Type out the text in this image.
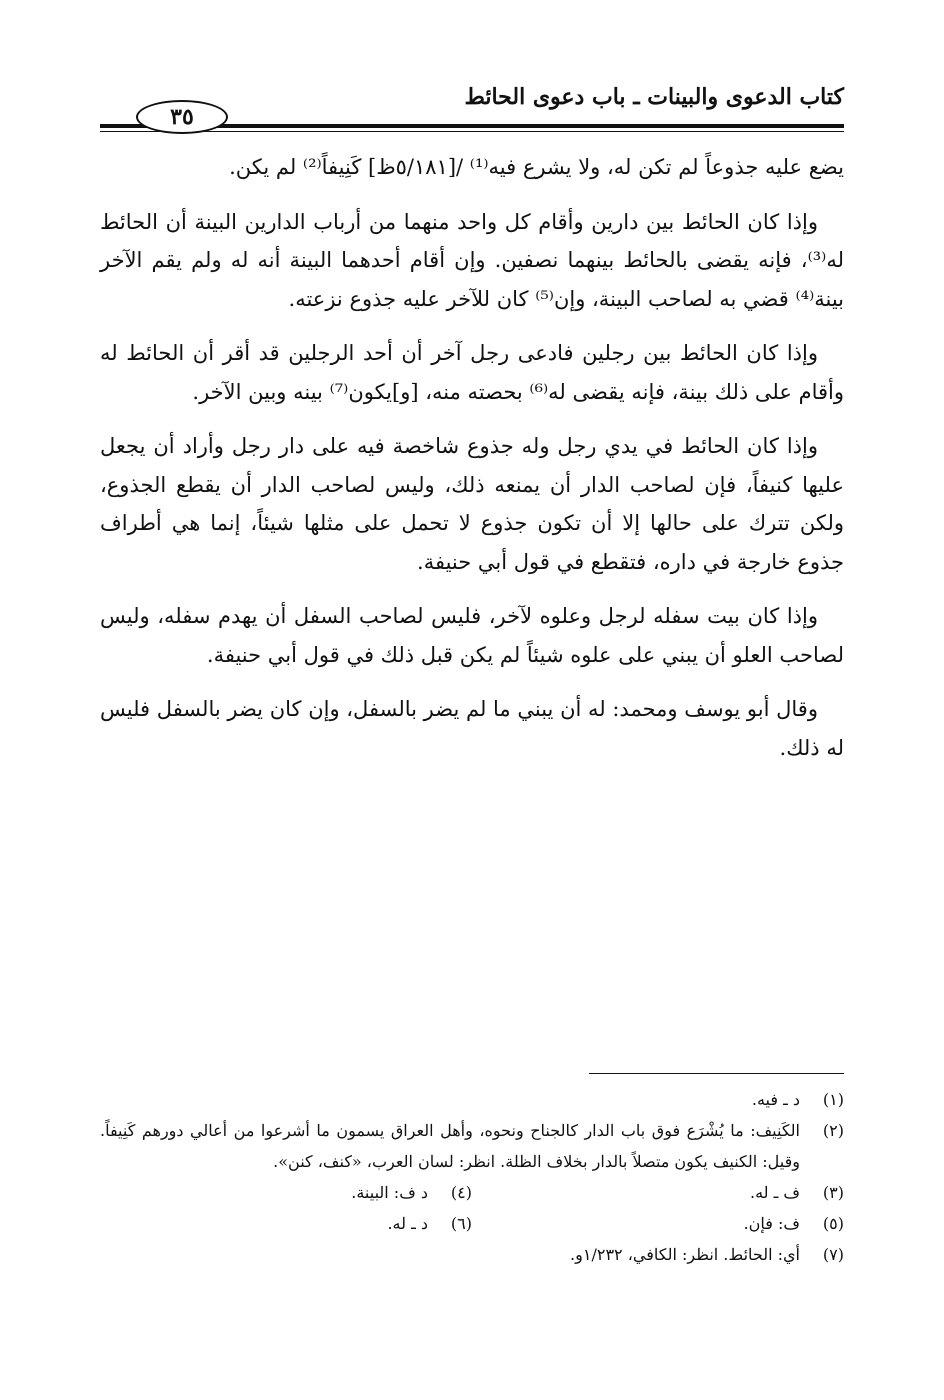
كتاب الدعوى والبينات ـ باب دعوى الحائط
٣٥

يضع عليه جذوعاً لم تكن له، ولا يشرع فيه⁽¹⁾ /[٥/١٨١ظ] كَنِيفاً⁽²⁾ لم يكن.

وإذا كان الحائط بين دارين وأقام كل واحد منهما من أرباب الدارين البينة أن الحائط له⁽³⁾، فإنه يقضى بالحائط بينهما نصفين. وإن أقام أحدهما البينة أنه له ولم يقم الآخر بينة⁽⁴⁾ قضي به لصاحب البينة، وإن⁽⁵⁾ كان للآخر عليه جذوع نزعته.

وإذا كان الحائط بين رجلين فادعى رجل آخر أن أحد الرجلين قد أقر أن الحائط له وأقام على ذلك بينة، فإنه يقضى له⁽⁶⁾ بحصته منه، [و]يكون⁽⁷⁾ بينه وبين الآخر.

وإذا كان الحائط في يدي رجل وله جذوع شاخصة فيه على دار رجل وأراد أن يجعل عليها كنيفاً، فإن لصاحب الدار أن يمنعه ذلك، وليس لصاحب الدار أن يقطع الجذوع، ولكن تترك على حالها إلا أن تكون جذوع لا تحمل على مثلها شيئاً، إنما هي أطراف جذوع خارجة في داره، فتقطع في قول أبي حنيفة.

وإذا كان بيت سفله لرجل وعلوه لآخر، فليس لصاحب السفل أن يهدم سفله، وليس لصاحب العلو أن يبني على علوه شيئاً لم يكن قبل ذلك في قول أبي حنيفة.

وقال أبو يوسف ومحمد: له أن يبني ما لم يضر بالسفل، وإن كان يضر بالسفل فليس له ذلك.

(١)
د ـ فيه.
(٢)
الكَنِيف: ما يُشْرَع فوق باب الدار كالجناح ونحوه، وأهل العراق يسمون ما أشرعوا من أعالي دورهم كَنِيفاً. وقيل: الكنيف يكون متصلاً بالدار بخلاف الظلة. انظر: لسان العرب، «كنف، كنن».
(٣)
ف ـ له.
(٤)
د ف: البينة.
(٥)
ف: فإن.
(٦)
د ـ له.
(٧)
أي: الحائط. انظر: الكافي، ١/٢٣٢و.
